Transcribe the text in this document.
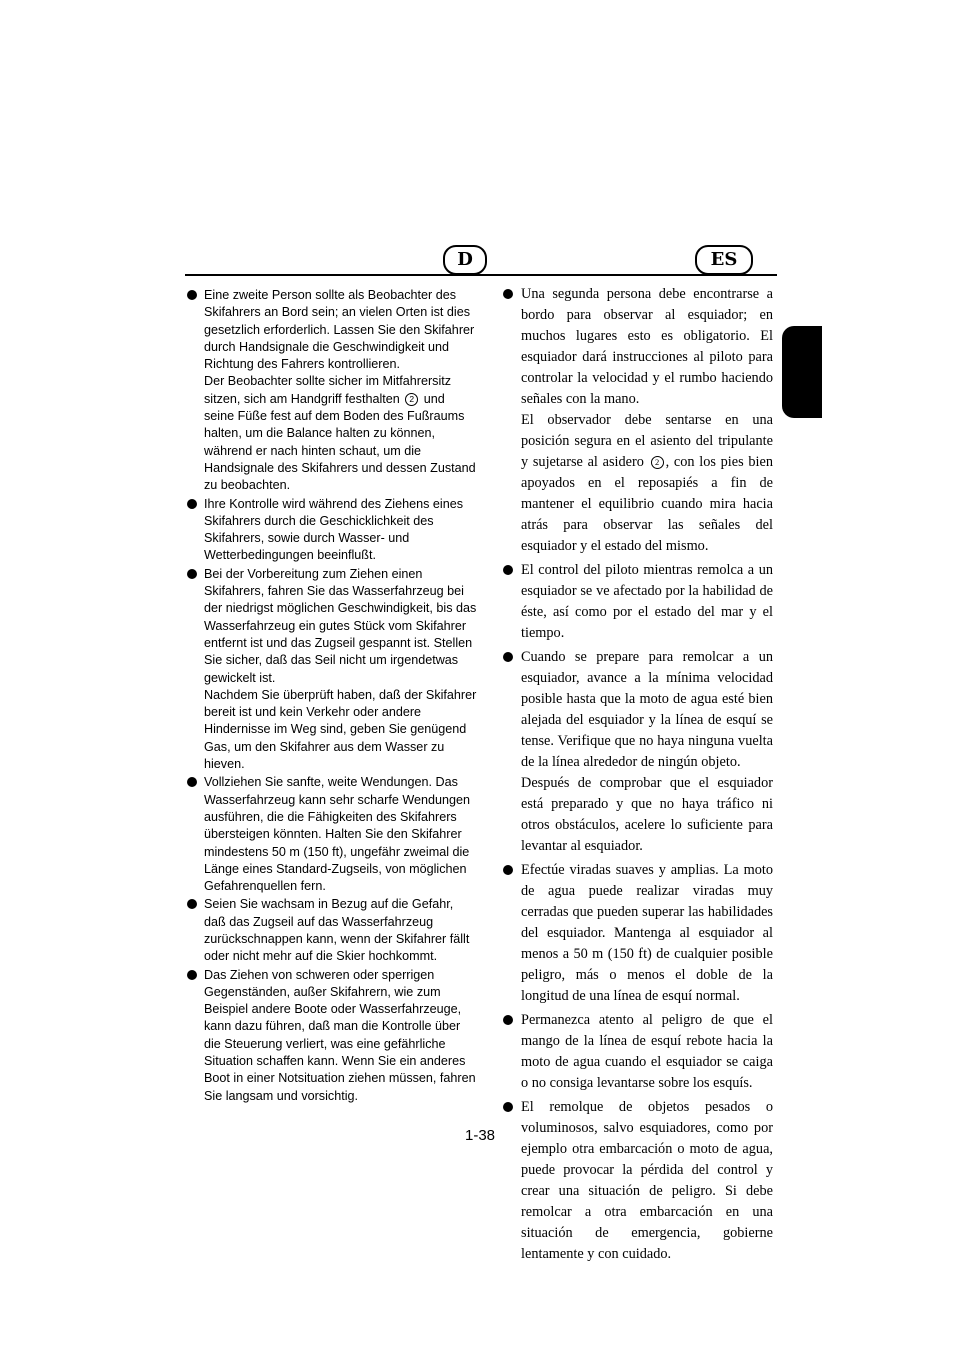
D	ES
Eine zweite Person sollte als Beobachter des Skifahrers an Bord sein; an vielen Orten ist dies gesetzlich erforderlich. Lassen Sie den Skifahrer durch Handsignale die Geschwindigkeit und Richtung des Fahrers kontrollieren.
Der Beobachter sollte sicher im Mitfahrersitz sitzen, sich am Handgriff festhalten 2 und seine Füße fest auf dem Boden des Fußraums halten, um die Balance halten zu können, während er nach hinten schaut, um die Handsignale des Skifahrers und dessen Zustand zu beobachten.
Ihre Kontrolle wird während des Ziehens eines Skifahrers durch die Geschicklichkeit des Skifahrers, sowie durch Wasser- und Wetterbedingungen beeinflußt.
Bei der Vorbereitung zum Ziehen einen Skifahrers, fahren Sie das Wasserfahrzeug bei der niedrigst möglichen Geschwindigkeit, bis das Wasserfahrzeug ein gutes Stück vom Skifahrer entfernt ist und das Zugseil gespannt ist. Stellen Sie sicher, daß das Seil nicht um irgendetwas gewickelt ist.
Nachdem Sie überprüft haben, daß der Skifahrer bereit ist und kein Verkehr oder andere Hindernisse im Weg sind, geben Sie genügend Gas, um den Skifahrer aus dem Wasser zu hieven.
Vollziehen Sie sanfte, weite Wendungen. Das Wasserfahrzeug kann sehr scharfe Wendungen ausführen, die die Fähigkeiten des Skifahrers übersteigen könnten. Halten Sie den Skifahrer mindestens 50 m (150 ft), ungefähr zweimal die Länge eines Standard-Zugseils, von möglichen Gefahrenquellen fern.
Seien Sie wachsam in Bezug auf die Gefahr, daß das Zugseil auf das Wasserfahrzeug zurückschnappen kann, wenn der Skifahrer fällt oder nicht mehr auf die Skier hochkommt.
Das Ziehen von schweren oder sperrigen Gegenständen, außer Skifahrern, wie zum Beispiel andere Boote oder Wasserfahrzeuge, kann dazu führen, daß man die Kontrolle über die Steuerung verliert, was eine gefährliche Situation schaffen kann. Wenn Sie ein anderes Boot in einer Notsituation ziehen müssen, fahren Sie langsam und vorsichtig.
Una segunda persona debe encontrarse a bordo para observar al esquiador; en muchos lugares esto es obligatorio. El esquiador dará instrucciones al piloto para controlar la velocidad y el rumbo haciendo señales con la mano.
El observador debe sentarse en una posición segura en el asiento del tripulante y sujetarse al asidero 2 , con los pies bien apoyados en el reposapiés a fin de mantener el equilibrio cuando mira hacia atrás para observar las señales del esquiador y el estado del mismo.
El control del piloto mientras remolca a un esquiador se ve afectado por la habilidad de éste, así como por el estado del mar y el tiempo.
Cuando se prepare para remolcar a un esquiador, avance a la mínima velocidad posible hasta que la moto de agua esté bien alejada del esquiador y la línea de esquí se tense. Verifique que no haya ninguna vuelta de la línea alrededor de ningún objeto.
Después de comprobar que el esquiador está preparado y que no haya tráfico ni otros obstáculos, acelere lo suficiente para levantar al esquiador.
Efectúe viradas suaves y amplias. La moto de agua puede realizar viradas muy cerradas que pueden superar las habilidades del esquiador. Mantenga al esquiador al menos a 50 m (150 ft) de cualquier posible peligro, más o menos el doble de la longitud de una línea de esquí normal.
Permanezca atento al peligro de que el mango de la línea de esquí rebote hacia la moto de agua cuando el esquiador se caiga o no consiga levantarse sobre los esquís.
El remolque de objetos pesados o voluminosos, salvo esquiadores, como por ejemplo otra embarcación o moto de agua, puede provocar la pérdida del control y crear una situación de peligro. Si debe remolcar a otra embarcación en una situación de emergencia, gobierne lentamente y con cuidado.
1-38
